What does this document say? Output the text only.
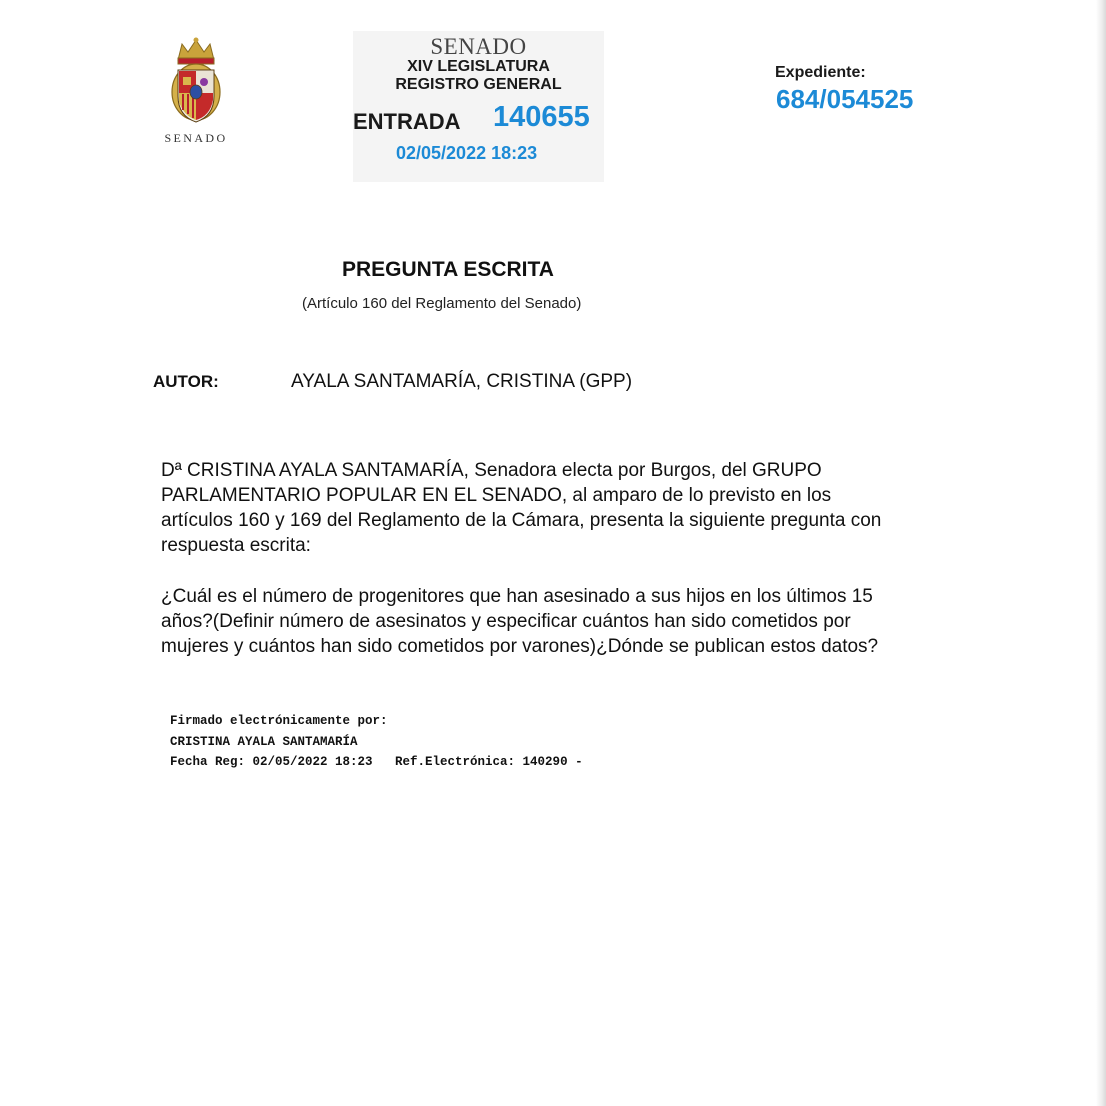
SENADO
SENADO
XIV LEGISLATURA
REGISTRO GENERAL
ENTRADA 140655
02/05/2022 18:23
Expediente:
684/054525
PREGUNTA ESCRITA
(Artículo 160 del Reglamento del Senado)
AUTOR:	AYALA SANTAMARÍA, CRISTINA (GPP)

Dª CRISTINA AYALA SANTAMARÍA, Senadora electa por Burgos, del GRUPO
PARLAMENTARIO POPULAR EN EL SENADO, al amparo de lo previsto en los
artículos 160 y 169 del Reglamento de la Cámara, presenta la siguiente pregunta con
respuesta escrita:

¿Cuál es el número de progenitores que han asesinado a sus hijos en los últimos 15
años?(Definir número de asesinatos y especificar cuántos han sido cometidos por
mujeres y cuántos han sido cometidos por varones)¿Dónde se publican estos datos?

Firmado electrónicamente por:
CRISTINA AYALA SANTAMARÍA
Fecha Reg: 02/05/2022 18:23   Ref.Electrónica: 140290 -
